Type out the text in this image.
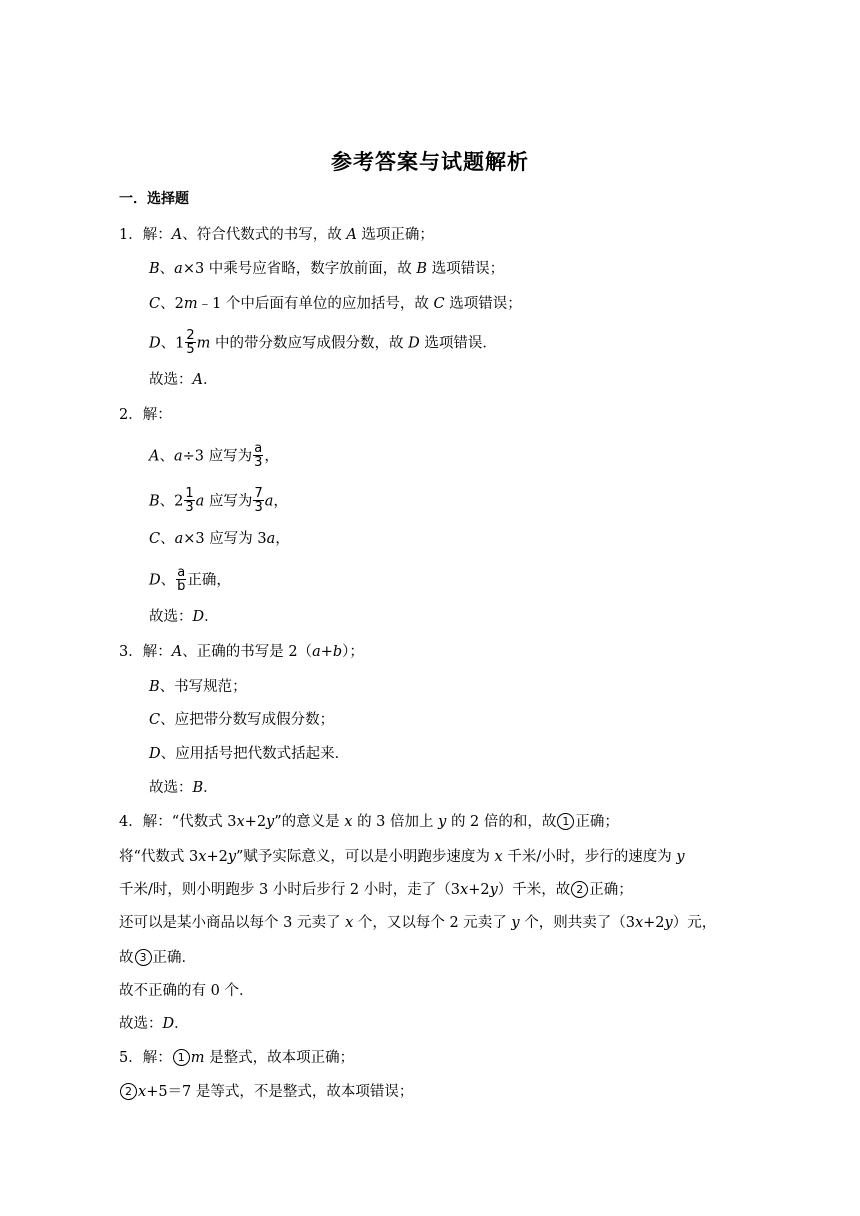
参考答案与试题解析
一．选择题
1．解：A、符合代数式的书写，故 A 选项正确；
B、a×3 中乘号应省略，数字放前面，故 B 选项错误；
C、2m﹣1 个中后面有单位的应加括号，故 C 选项错误；
D、$1 \frac{2}{5}$ m 中的带分数应写成假分数，故 D 选项错误．
故选：A．
2．解：
A、a÷3 应写为 $\frac{a}{3}$ ，
B、$2 \frac{1}{3}$ a 应写为 $\frac{7}{3}$ a，
C、a×3 应写为 3a，
D、 $\frac{a}{b}$ 正确，
故选：D．
3．解：A、正确的书写是 2（a+b）；
B、书写规范；
C、应把带分数写成假分数；
D、应用括号把代数式括起来．
故选：B．
4．解：“代数式 3x+2y”的意义是 x 的 3 倍加上 y 的 2 倍的和，故 1 正确；
将“代数式 3x+2y”赋予实际意义，可以是小明跑步速度为 x 千米/小时，步行的速度为 y
千米/时，则小明跑步 3 小时后步行 2 小时，走了（3x+2y）千米，故 2 正确；
还可以是某小商品以每个 3 元卖了 x 个，又以每个 2 元卖了 y 个，则共卖了（3x+2y）元，
故 3 正确．
故不正确的有 0 个．
故选：D．
5．解： 1 m 是整式，故本项正确；
2 x+5＝7 是等式，不是整式，故本项错误；
